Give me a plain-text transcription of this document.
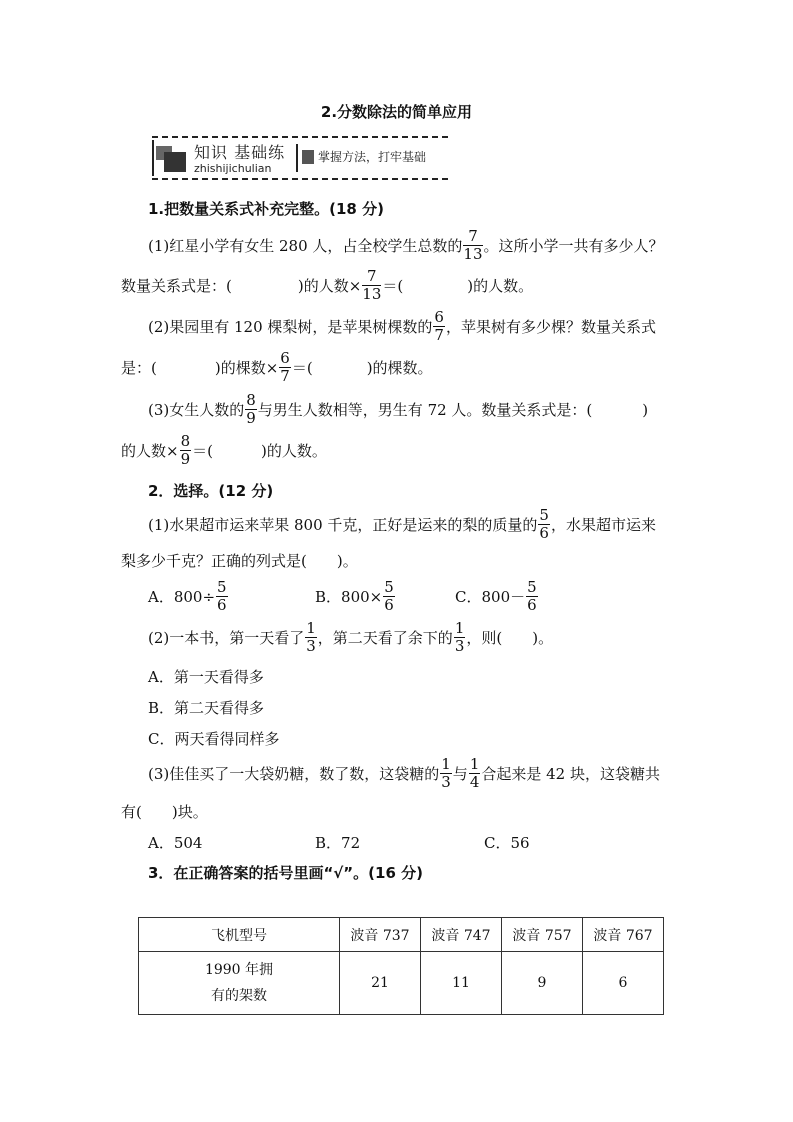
2.分数除法的简单应用
知识 基础练
zhishijichulian
掌握方法，打牢基础
1.把数量关系式补充完整。(18 分)
(1)红星小学有女生 280 人，占全校学生总数的 $\frac{7}{13}$ 。这所小学一共有多少人？
数量关系式是：(	)的人数× $\frac{7}{13}$ ＝(	)的人数。
(2)果园里有 120 棵梨树，是苹果树棵数的 $\frac{6}{7}$ ，苹果树有多少棵？数量关系式
是：(	)的棵数× $\frac{6}{7}$ ＝(	)的棵数。
(3)女生人数的 $\frac{8}{9}$ 与男生人数相等，男生有 72 人。数量关系式是：(	)
的人数× $\frac{8}{9}$ ＝(	)的人数。
2．选择。(12 分)
(1)水果超市运来苹果 800 千克，正好是运来的梨的质量的 $\frac{5}{6}$ ，水果超市运来
梨多少千克？正确的列式是(　　)。
A．$800\div \frac{5}{6}$	B．$800\times \frac{5}{6}$	C．$800- \frac{5}{6}$
(2)一本书，第一天看了 $\frac{1}{3}$ ，第二天看了余下的 $\frac{1}{3}$ ，则(　　)。
A．第一天看得多
B．第二天看得多
C．两天看得同样多
(3)佳佳买了一大袋奶糖，数了数，这袋糖的 $\frac{1}{3}$ 与 $\frac{1}{4}$ 合起来是 42 块，这袋糖共
有(　　)块。
A．504	B．72	C．56
3．在正确答案的括号里画“√”。(16 分)
飞机型号	波音 737	波音 747	波音 757	波音 767

1990 年拥
有的架数	21	11	9	6
